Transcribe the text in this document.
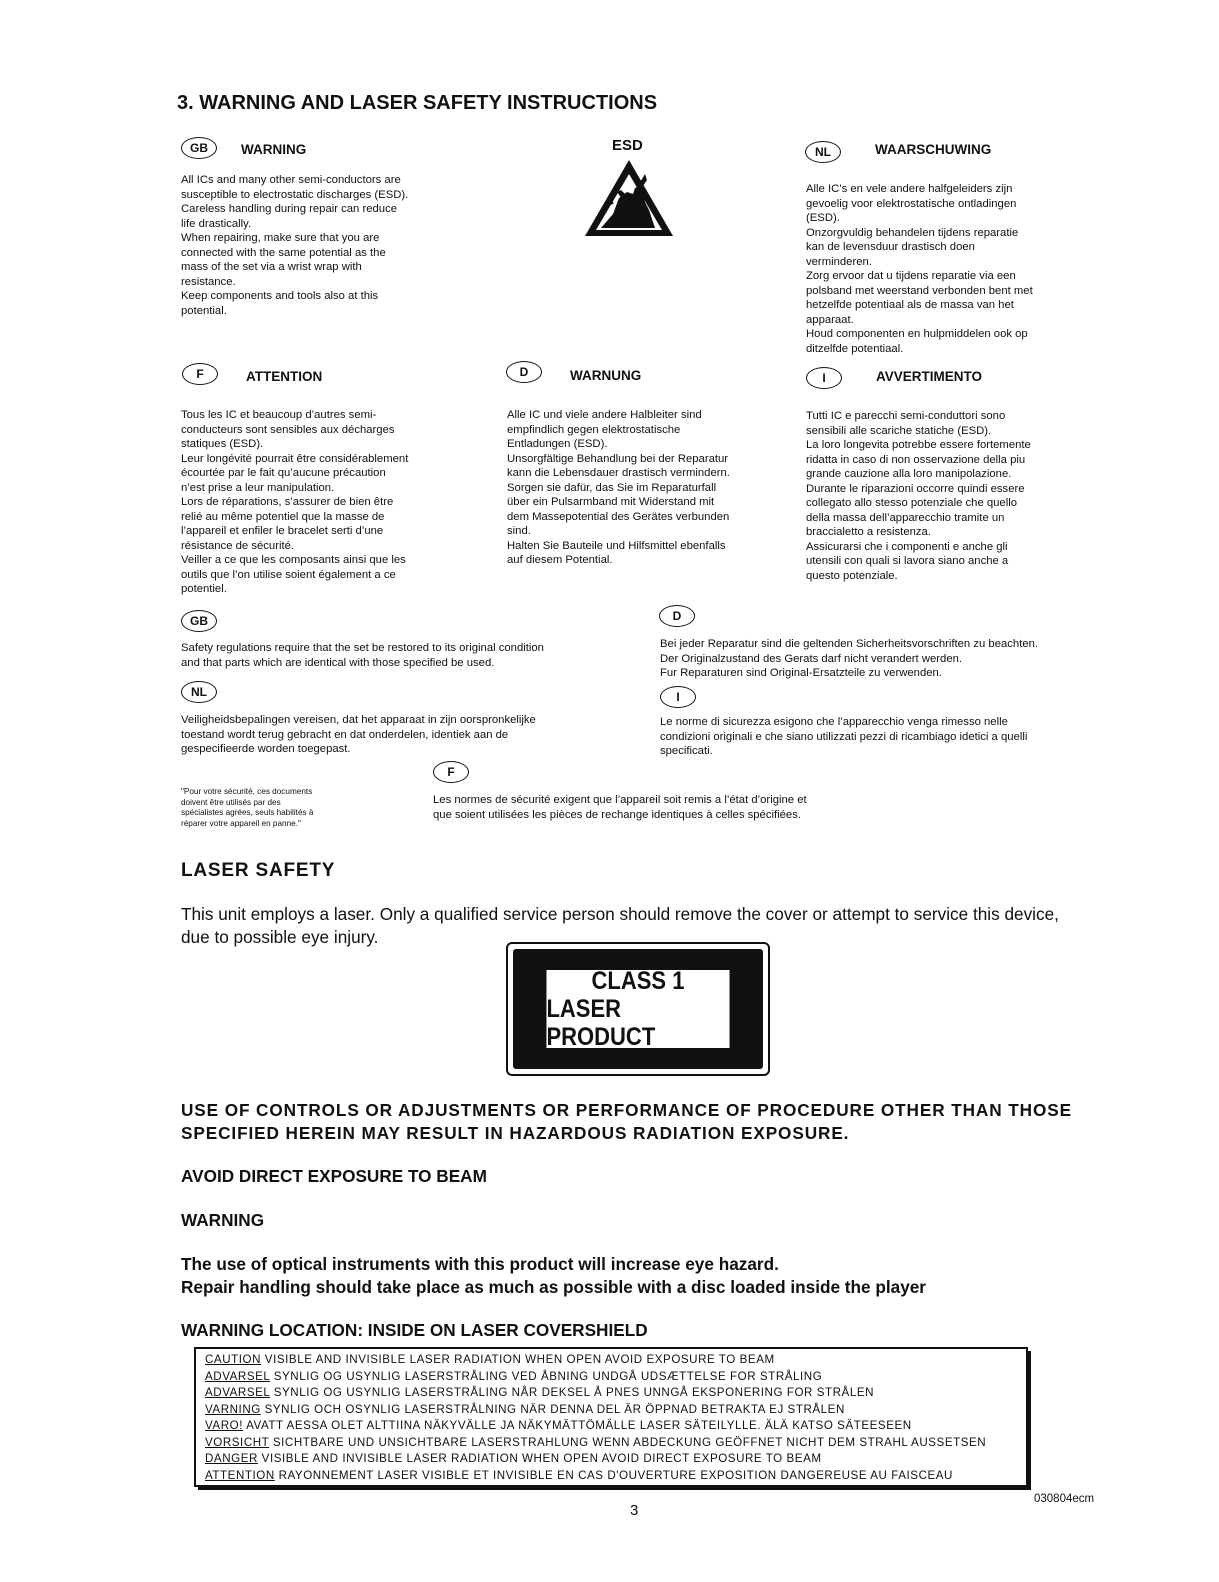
3. WARNING AND LASER SAFETY INSTRUCTIONS
GB	WARNING

All ICs and many other semi-conductors are
susceptible to electrostatic discharges (ESD).
Careless handling during repair can reduce
life drastically.
When repairing, make sure that you are
connected with the same potential as the
mass of the set via a wrist wrap with
resistance.
Keep components and tools also at this
potential.

ESD	NL	WAARSCHUWING

Alle IC’s en vele andere halfgeleiders zijn
gevoelig voor elektrostatische ontladingen
(ESD).
Onzorgvuldig behandelen tijdens reparatie
kan de levensduur drastisch doen
verminderen.
Zorg ervoor dat u tijdens reparatie via een
polsband met weerstand verbonden bent met
hetzelfde potentiaal als de massa van het
apparaat.
Houd componenten en hulpmiddelen ook op
ditzelfde potentiaal.

F	ATTENTION

Tous les IC et beaucoup d’autres semi-
conducteurs sont sensibles aux décharges
statiques (ESD).
Leur longévité pourrait être considérablement
écourtée par le fait qu’aucune précaution
n’est prise a leur manipulation.
Lors de réparations, s’assurer de bien être
relié au même potentiel que la masse de
l’appareil et enfiler le bracelet serti d’une
résistance de sécurité.
Veiller a ce que les composants ainsi que les
outils que l’on utilise soient également a ce
potentiel.

D	WARNUNG

Alle IC und viele andere Halbleiter sind
empfindlich gegen elektrostatische
Entladungen (ESD).
Unsorgfältige Behandlung bei der Reparatur
kann die Lebensdauer drastisch vermindern.
Sorgen sie dafür, das Sie im Reparaturfall
über ein Pulsarmband mit Widerstand mit
dem Massepotential des Gerätes verbunden
sind.
Halten Sie Bauteile und Hilfsmittel ebenfalls
auf diesem Potential.

I	AVVERTIMENTO

Tutti IC e parecchi semi-conduttori sono
sensibili alle scariche statiche (ESD).
La loro longevita potrebbe essere fortemente
ridatta in caso di non osservazione della piu
grande cauzione alla loro manipolazione.
Durante le riparazioni occorre quindi essere
collegato allo stesso potenziale che quello
della massa dell’apparecchio tramite un
braccialetto a resistenza.
Assicurarsi che i componenti e anche gli
utensili con quali si lavora siano anche a
questo potenziale.

GB

Safety regulations require that the set be restored to its original condition
and that parts which are identical with those specified be used.

D

Bei jeder Reparatur sind die geltenden Sicherheitsvorschriften zu beachten.
Der Originalzustand des Gerats darf nicht verandert werden.
Fur Reparaturen sind Original-Ersatzteile zu verwenden.

NL

Veiligheidsbepalingen vereisen, dat het apparaat in zijn oorspronkelijke
toestand wordt terug gebracht en dat onderdelen, identiek aan de
gespecifieerde worden toegepast.

I

Le norme di sicurezza esigono che l’apparecchio venga rimesso nelle
condizioni originali e che siano utilizzati pezzi di ricambiago idetici a quelli
specificati.

F

Les normes de sécurité exigent que l’appareil soit remis a l’état d’origine et
que soient utilisées les pièces de rechange identiques à celles spécifiées.

"Pour votre sécurité, ces documents
doivent être utilisés par des
spécialistes agrées, seuls habilités à
réparer votre appareil en panne."

LASER SAFETY

This unit employs a laser. Only a qualified service person should remove the cover or attempt to service this device, due to possible eye injury.

CLASS 1
LASER PRODUCT

USE OF CONTROLS OR ADJUSTMENTS OR PERFORMANCE OF PROCEDURE OTHER THAN THOSE
SPECIFIED HEREIN MAY RESULT IN HAZARDOUS RADIATION EXPOSURE.

AVOID DIRECT EXPOSURE TO BEAM

WARNING

The use of optical instruments with this product will increase eye hazard.
Repair handling should take place as much as possible with a disc loaded inside the player

WARNING LOCATION: INSIDE ON LASER COVERSHIELD

CAUTION VISIBLE AND INVISIBLE LASER RADIATION WHEN OPEN AVOID EXPOSURE TO BEAM
ADVARSEL SYNLIG OG USYNLIG LASERSTRÅLING VED ÅBNING UNDGÅ UDSÆTTELSE FOR STRÅLING
ADVARSEL SYNLIG OG USYNLIG LASERSTRÅLING NÅR DEKSEL Å PNES UNNGÅ EKSPONERING FOR STRÅLEN
VARNING SYNLIG OCH OSYNLIG LASERSTRÅLNING NÄR DENNA DEL ÄR ÖPPNAD BETRAKTA EJ STRÅLEN
VARO! AVATT AESSA OLET ALTTIINA NÄKYVÄLLE JA NÄKYMÄTTÖMÄLLE LASER SÄTEILYLLE. ÄLÄ KATSO SÄTEESEEN
VORSICHT SICHTBARE UND UNSICHTBARE LASERSTRAHLUNG WENN ABDECKUNG GEÖFFNET NICHT DEM STRAHL AUSSETSEN
DANGER VISIBLE AND INVISIBLE LASER RADIATION WHEN OPEN AVOID DIRECT EXPOSURE TO BEAM
ATTENTION RAYONNEMENT LASER VISIBLE ET INVISIBLE EN CAS D'OUVERTURE EXPOSITION DANGEREUSE AU FAISCEAU
3
030804ecm
